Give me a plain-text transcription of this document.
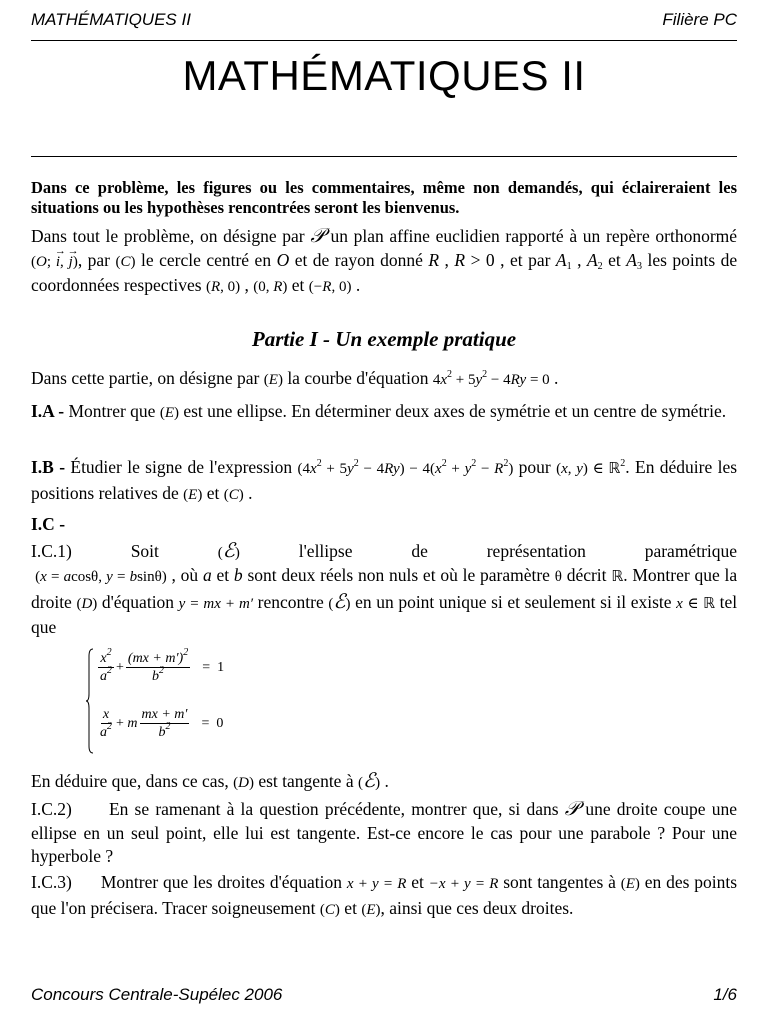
MATHÉMATIQUES II	Filière PC
MATHÉMATIQUES II
Dans ce problème, les figures ou les commentaires, même non demandés, qui éclaireraient les situations ou les hypothèses rencontrées seront les bienvenus.
Dans tout le problème, on désigne par 𝒫 un plan affine euclidien rapporté à un repère orthonormé (O; → i, → j), par (C) le cercle centré en O et de rayon donné R , R > 0 , et par $A_1$ , $A_2$ et $A_3$ les points de coordonnées respectives (R, 0) , (0, R) et (−R, 0) .
Partie I - Un exemple pratique
Dans cette partie, on désigne par (E) la courbe d'équation $4x^2 + 5y^2 - 4Ry = 0$ .
I.A - Montrer que (E) est une ellipse. En déterminer deux axes de symétrie et un centre de symétrie.
I.B - Étudier le signe de l'expression $(4x^2 + 5y^2 - 4Ry) - 4(x^2 + y^2 - R^2)$ pour (x, y) ∈ ℝ$^2$. En déduire les positions relatives de (E) et (C) .
I.C -
I.C.1)	Soit	(ℰ)	l'ellipse de représentation paramétrique
(x = acosθ, y = bsinθ) , où a et b sont deux réels non nuls et où le paramètre θ décrit ℝ. Montrer que la droite (D) d'équation y = mx + m′ rencontre (ℰ) en un point unique si et seulement si il existe x ∈ ℝ tel que
$\frac{x^2}{a^2} + \frac{(mx + m')^2}{b^2} = 1$
$\frac{x}{a^2} + m \frac{mx + m'}{b^2} = 0$
En déduire que, dans ce cas, (D) est tangente à (ℰ) .
I.C.2) En se ramenant à la question précédente, montrer que, si dans 𝒫 une droite coupe une ellipse en un seul point, elle lui est tangente. Est-ce encore le cas pour une parabole ? Pour une hyperbole ?
I.C.3) Montrer que les droites d'équation x + y = R et −x + y = R sont tangentes à (E) en des points que l'on précisera. Tracer soigneusement (C) et (E), ainsi que ces deux droites.
Concours Centrale-Supélec 2006	1/6
